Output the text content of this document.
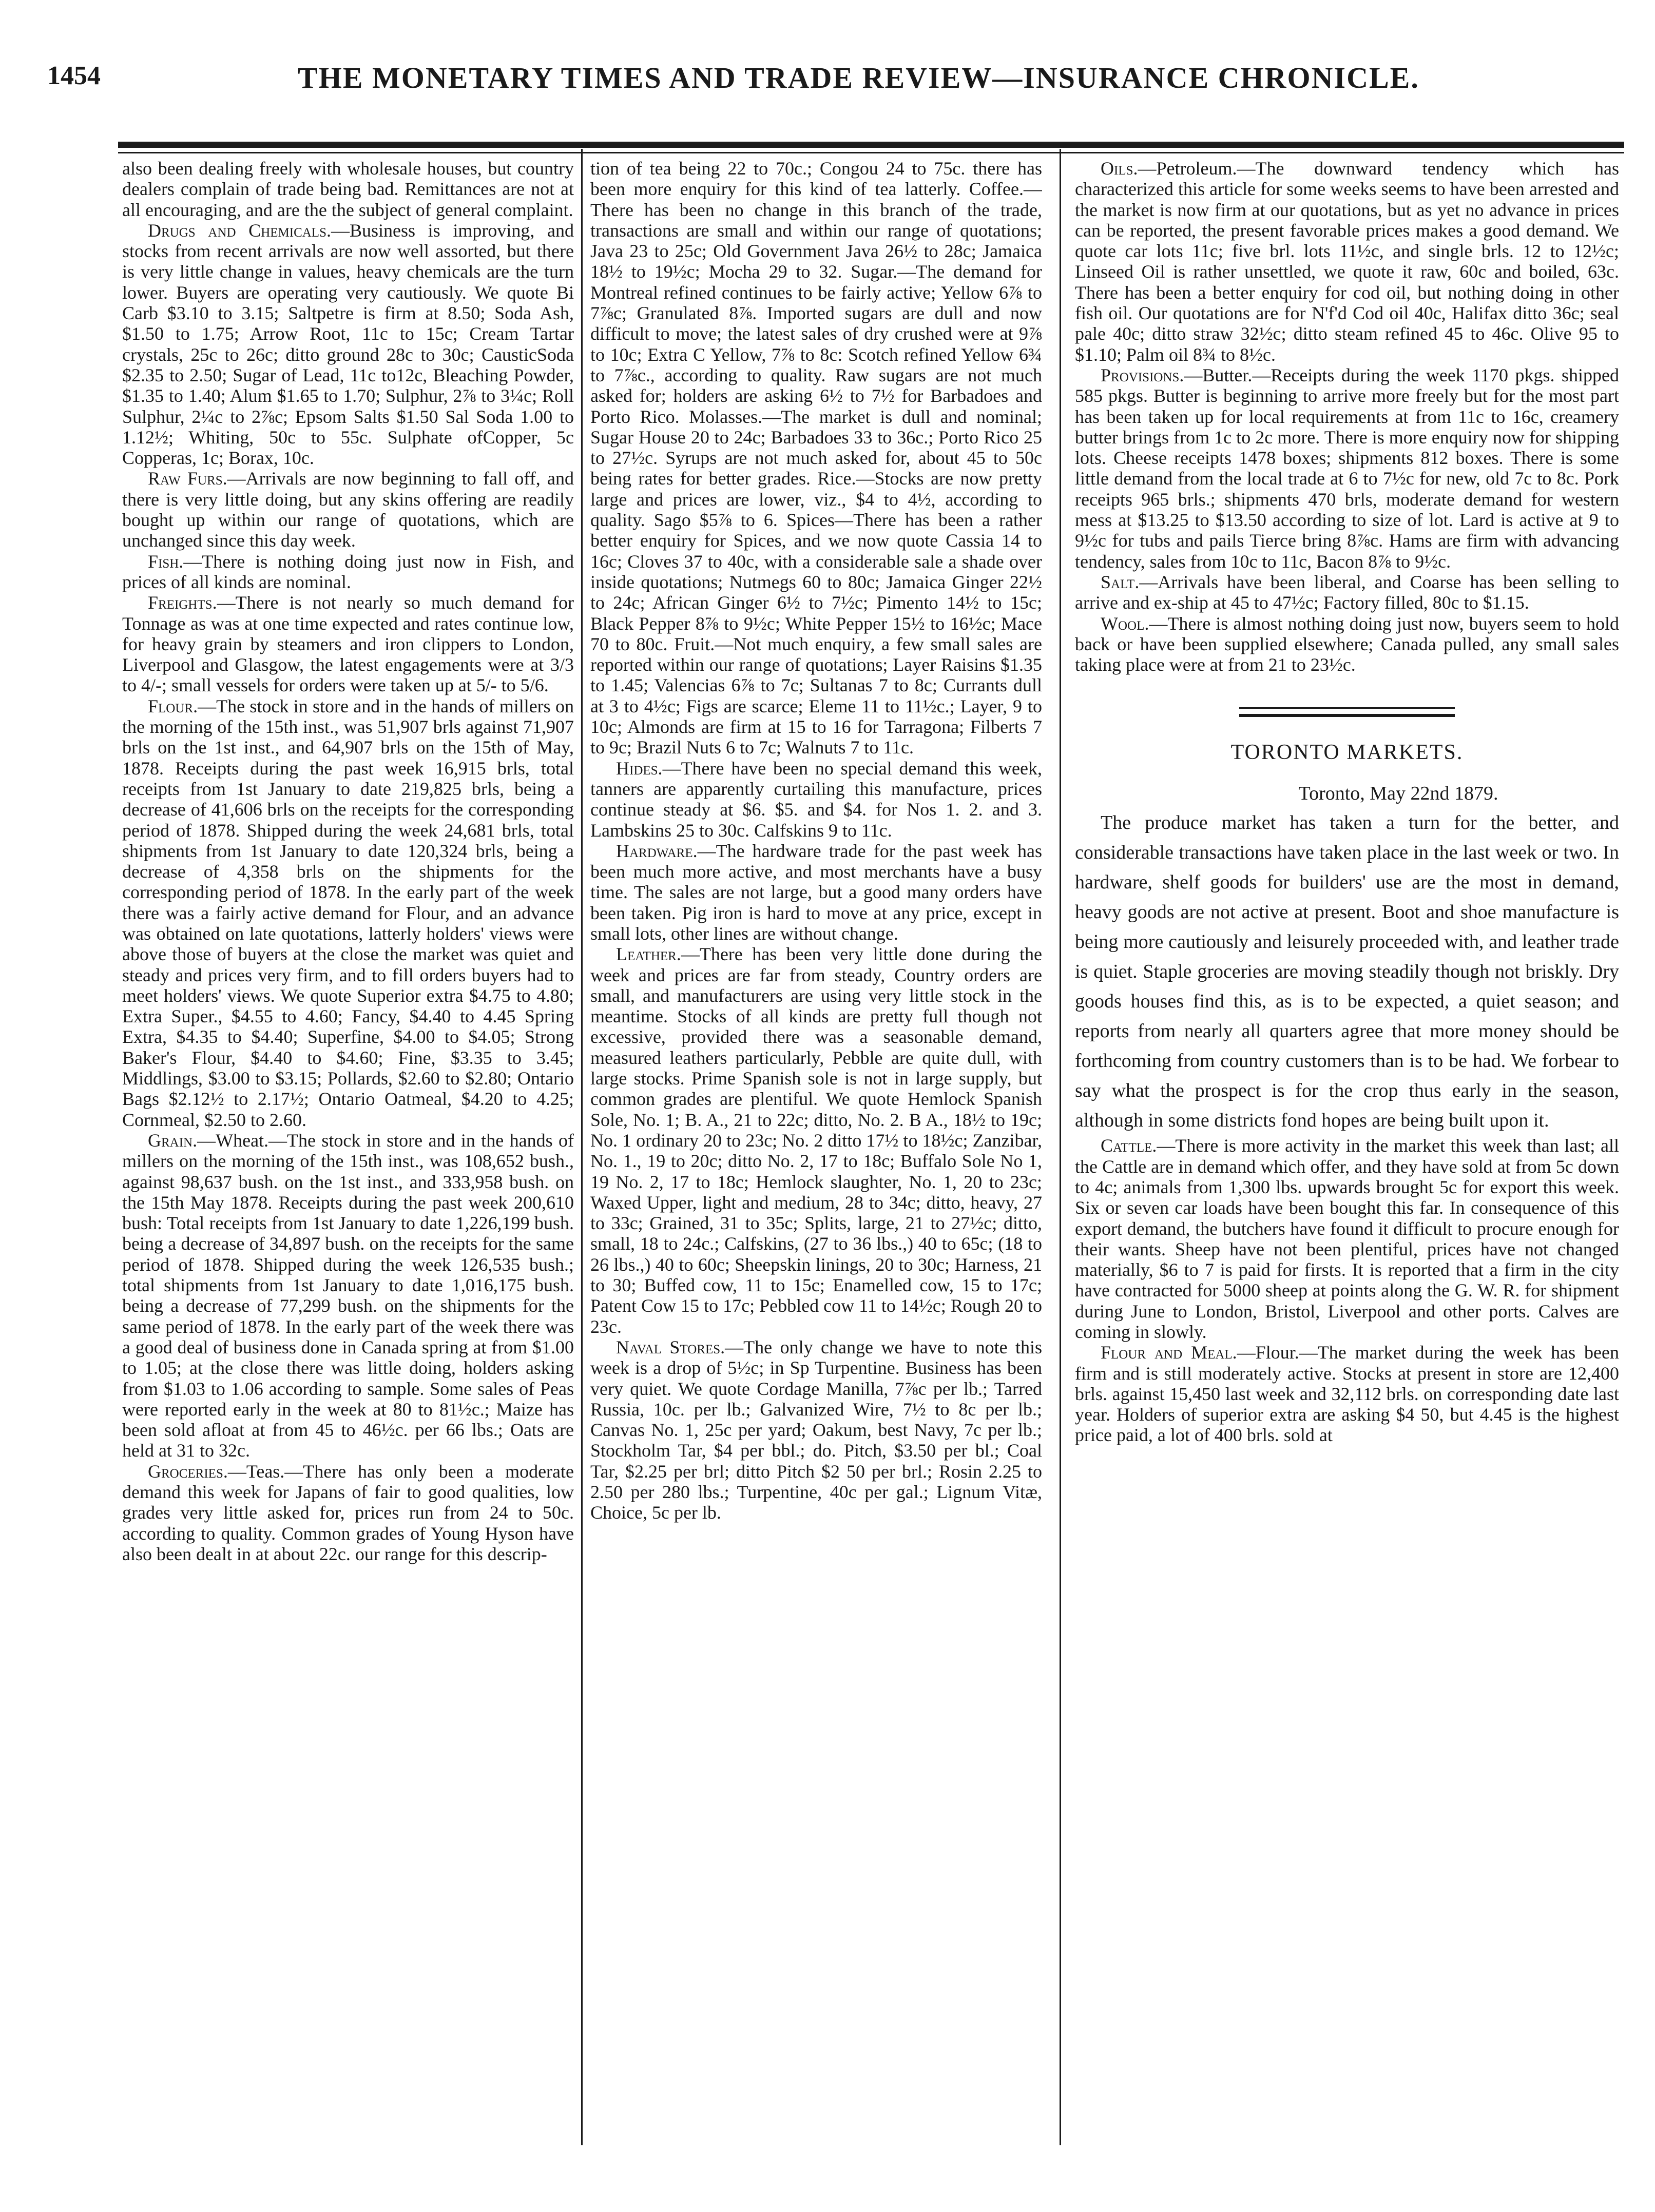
1454	THE MONETARY TIMES AND TRADE REVIEW—INSURANCE CHRONICLE.

also been dealing freely with wholesale houses, but country dealers complain of trade being bad. Remittances are not at all encouraging, and are the the subject of general complaint.

Drugs and Chemicals.—Business is improving, and stocks from recent arrivals are now well assorted, but there is very little change in values, heavy chemicals are the turn lower. Buyers are operating very cautiously. We quote Bi Carb $3.10 to 3.15; Saltpetre is firm at 8.50; Soda Ash, $1.50 to 1.75; Arrow Root, 11c to 15c; Cream Tartar crystals, 25c to 26c; ditto ground 28c to 30c; CausticSoda $2.35 to 2.50; Sugar of Lead, 11c to12c, Bleaching Powder, $1.35 to 1.40; Alum $1.65 to 1.70; Sulphur, 2⅞ to 3¼c; Roll Sulphur, 2¼c to 2⅞c; Epsom Salts $1.50 Sal Soda 1.00 to 1.12½; Whiting, 50c to 55c. Sulphate ofCopper, 5c Copperas, 1c; Borax, 10c.

Raw Furs.—Arrivals are now beginning to fall off, and there is very little doing, but any skins offering are readily bought up within our range of quotations, which are unchanged since this day week.

Fish.—There is nothing doing just now in Fish, and prices of all kinds are nominal.

Freights.—There is not nearly so much demand for Tonnage as was at one time expected and rates continue low, for heavy grain by steamers and iron clippers to London, Liverpool and Glasgow, the latest engagements were at 3/3 to 4/-; small vessels for orders were taken up at 5/- to 5/6.

Flour.—The stock in store and in the hands of millers on the morning of the 15th inst., was 51,907 brls against 71,907 brls on the 1st inst., and 64,907 brls on the 15th of May, 1878. Receipts during the past week 16,915 brls, total receipts from 1st January to date 219,825 brls, being a decrease of 41,606 brls on the receipts for the corresponding period of 1878. Shipped during the week 24,681 brls, total shipments from 1st January to date 120,324 brls, being a decrease of 4,358 brls on the shipments for the corresponding period of 1878. In the early part of the week there was a fairly active demand for Flour, and an advance was obtained on late quotations, latterly holders' views were above those of buyers at the close the market was quiet and steady and prices very firm, and to fill orders buyers had to meet holders' views. We quote Superior extra $4.75 to 4.80; Extra Super., $4.55 to 4.60; Fancy, $4.40 to 4.45 Spring Extra, $4.35 to $4.40; Superfine, $4.00 to $4.05; Strong Baker's Flour, $4.40 to $4.60; Fine, $3.35 to 3.45; Middlings, $3.00 to $3.15; Pollards, $2.60 to $2.80; Ontario Bags $2.12½ to 2.17½; Ontario Oatmeal, $4.20 to 4.25; Cornmeal, $2.50 to 2.60.

Grain.—Wheat.—The stock in store and in the hands of millers on the morning of the 15th inst., was 108,652 bush., against 98,637 bush. on the 1st inst., and 333,958 bush. on the 15th May 1878. Receipts during the past week 200,610 bush: Total receipts from 1st January to date 1,226,199 bush. being a decrease of 34,897 bush. on the receipts for the same period of 1878. Shipped during the week 126,535 bush.; total shipments from 1st January to date 1,016,175 bush. being a decrease of 77,299 bush. on the shipments for the same period of 1878. In the early part of the week there was a good deal of business done in Canada spring at from $1.00 to 1.05; at the close there was little doing, holders asking from $1.03 to 1.06 according to sample. Some sales of Peas were reported early in the week at 80 to 81½c.; Maize has been sold afloat at from 45 to 46½c. per 66 lbs.; Oats are held at 31 to 32c.

Groceries.—Teas.—There has only been a moderate demand this week for Japans of fair to good qualities, low grades very little asked for, prices run from 24 to 50c. according to quality. Common grades of Young Hyson have also been dealt in at about 22c. our range for this descrip-

tion of tea being 22 to 70c.; Congou 24 to 75c. there has been more enquiry for this kind of tea latterly. Coffee.—There has been no change in this branch of the trade, transactions are small and within our range of quotations; Java 23 to 25c; Old Government Java 26½ to 28c; Jamaica 18½ to 19½c; Mocha 29 to 32. Sugar.—The demand for Montreal refined continues to be fairly active; Yellow 6⅞ to 7⅞c; Granulated 8⅞. Imported sugars are dull and now difficult to move; the latest sales of dry crushed were at 9⅞ to 10c; Extra C Yellow, 7⅞ to 8c: Scotch refined Yellow 6¾ to 7⅞c., according to quality. Raw sugars are not much asked for; holders are asking 6½ to 7½ for Barbadoes and Porto Rico. Molasses.—The market is dull and nominal; Sugar House 20 to 24c; Barbadoes 33 to 36c.; Porto Rico 25 to 27½c. Syrups are not much asked for, about 45 to 50c being rates for better grades. Rice.—Stocks are now pretty large and prices are lower, viz., $4 to 4½, according to quality. Sago $5⅞ to 6. Spices—There has been a rather better enquiry for Spices, and we now quote Cassia 14 to 16c; Cloves 37 to 40c, with a considerable sale a shade over inside quotations; Nutmegs 60 to 80c; Jamaica Ginger 22½ to 24c; African Ginger 6½ to 7½c; Pimento 14½ to 15c; Black Pepper 8⅞ to 9½c; White Pepper 15½ to 16½c; Mace 70 to 80c. Fruit.—Not much enquiry, a few small sales are reported within our range of quotations; Layer Raisins $1.35 to 1.45; Valencias 6⅞ to 7c; Sultanas 7 to 8c; Currants dull at 3 to 4½c; Figs are scarce; Eleme 11 to 11½c.; Layer, 9 to 10c; Almonds are firm at 15 to 16 for Tarragona; Filberts 7 to 9c; Brazil Nuts 6 to 7c; Walnuts 7 to 11c.

Hides.—There have been no special demand this week, tanners are apparently curtailing this manufacture, prices continue steady at $6. $5. and $4. for Nos 1. 2. and 3. Lambskins 25 to 30c. Calfskins 9 to 11c.

Hardware.—The hardware trade for the past week has been much more active, and most merchants have a busy time. The sales are not large, but a good many orders have been taken. Pig iron is hard to move at any price, except in small lots, other lines are without change.

Leather.—There has been very little done during the week and prices are far from steady, Country orders are small, and manufacturers are using very little stock in the meantime. Stocks of all kinds are pretty full though not excessive, provided there was a seasonable demand, measured leathers particularly, Pebble are quite dull, with large stocks. Prime Spanish sole is not in large supply, but common grades are plentiful. We quote Hemlock Spanish Sole, No. 1; B. A., 21 to 22c; ditto, No. 2. B A., 18½ to 19c; No. 1 ordinary 20 to 23c; No. 2 ditto 17½ to 18½c; Zanzibar, No. 1., 19 to 20c; ditto No. 2, 17 to 18c; Buffalo Sole No 1, 19 No. 2, 17 to 18c; Hemlock slaughter, No. 1, 20 to 23c; Waxed Upper, light and medium, 28 to 34c; ditto, heavy, 27 to 33c; Grained, 31 to 35c; Splits, large, 21 to 27½c; ditto, small, 18 to 24c.; Calfskins, (27 to 36 lbs.,) 40 to 65c; (18 to 26 lbs.,) 40 to 60c; Sheepskin linings, 20 to 30c; Harness, 21 to 30; Buffed cow, 11 to 15c; Enamelled cow, 15 to 17c; Patent Cow 15 to 17c; Pebbled cow 11 to 14½c; Rough 20 to 23c.

Naval Stores.—The only change we have to note this week is a drop of 5½c; in Sp Turpentine. Business has been very quiet. We quote Cordage Manilla, 7⅞c per lb.; Tarred Russia, 10c. per lb.; Galvanized Wire, 7½ to 8c per lb.; Canvas No. 1, 25c per yard; Oakum, best Navy, 7c per lb.; Stockholm Tar, $4 per bbl.; do. Pitch, $3.50 per bl.; Coal Tar, $2.25 per brl; ditto Pitch $2 50 per brl.; Rosin 2.25 to 2.50 per 280 lbs.; Turpentine, 40c per gal.; Lignum Vitæ, Choice, 5c per lb.

Oils.—Petroleum.—The downward tendency which has characterized this article for some weeks seems to have been arrested and the market is now firm at our quotations, but as yet no advance in prices can be reported, the present favorable prices makes a good demand. We quote car lots 11c; five brl. lots 11½c, and single brls. 12 to 12½c; Linseed Oil is rather unsettled, we quote it raw, 60c and boiled, 63c. There has been a better enquiry for cod oil, but nothing doing in other fish oil. Our quotations are for N'f'd Cod oil 40c, Halifax ditto 36c; seal pale 40c; ditto straw 32½c; ditto steam refined 45 to 46c. Olive 95 to $1.10; Palm oil 8¾ to 8½c.

Provisions.—Butter.—Receipts during the week 1170 pkgs. shipped 585 pkgs. Butter is beginning to arrive more freely but for the most part has been taken up for local requirements at from 11c to 16c, creamery butter brings from 1c to 2c more. There is more enquiry now for shipping lots. Cheese receipts 1478 boxes; shipments 812 boxes. There is some little demand from the local trade at 6 to 7½c for new, old 7c to 8c. Pork receipts 965 brls.; shipments 470 brls, moderate demand for western mess at $13.25 to $13.50 according to size of lot. Lard is active at 9 to 9½c for tubs and pails Tierce bring 8⅞c. Hams are firm with advancing tendency, sales from 10c to 11c, Bacon 8⅞ to 9½c.

Salt.—Arrivals have been liberal, and Coarse has been selling to arrive and ex-ship at 45 to 47½c; Factory filled, 80c to $1.15.

Wool.—There is almost nothing doing just now, buyers seem to hold back or have been supplied elsewhere; Canada pulled, any small sales taking place were at from 21 to 23½c.

TORONTO MARKETS.
Toronto, May 22nd 1879.

The produce market has taken a turn for the better, and considerable transactions have taken place in the last week or two. In hardware, shelf goods for builders' use are the most in demand, heavy goods are not active at present. Boot and shoe manufacture is being more cautiously and leisurely proceeded with, and leather trade is quiet. Staple groceries are moving steadily though not briskly. Dry goods houses find this, as is to be expected, a quiet season; and reports from nearly all quarters agree that more money should be forthcoming from country customers than is to be had. We forbear to say what the prospect is for the crop thus early in the season, although in some districts fond hopes are being built upon it.

Cattle.—There is more activity in the market this week than last; all the Cattle are in demand which offer, and they have sold at from 5c down to 4c; animals from 1,300 lbs. upwards brought 5c for export this week. Six or seven car loads have been bought this far. In consequence of this export demand, the butchers have found it difficult to procure enough for their wants. Sheep have not been plentiful, prices have not changed materially, $6 to 7 is paid for firsts. It is reported that a firm in the city have contracted for 5000 sheep at points along the G. W. R. for shipment during June to London, Bristol, Liverpool and other ports. Calves are coming in slowly.

Flour and Meal.—Flour.—The market during the week has been firm and is still moderately active. Stocks at present in store are 12,400 brls. against 15,450 last week and 32,112 brls. on corresponding date last year. Holders of superior extra are asking $4 50, but 4.45 is the highest price paid, a lot of 400 brls. sold at
